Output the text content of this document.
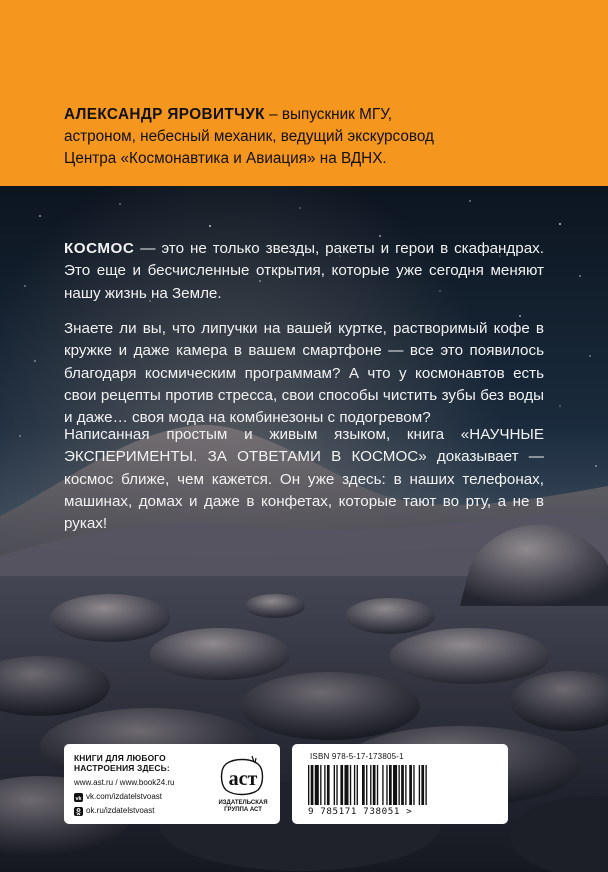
АЛЕКСАНДР ЯРОВИТЧУК – выпускник МГУ,
астроном, небесный механик, ведущий экскурсовод
Центра «Космонавтика и Авиация» на ВДНХ.
КОСМОС — это не только звезды, ракеты и герои в скафандрах. Это еще и бесчисленные открытия, которые уже сегодня меняют нашу жизнь на Земле.
Знаете ли вы, что липучки на вашей куртке, растворимый кофе в кружке и даже камера в вашем смартфоне — все это появилось благодаря космическим программам? А что у космонавтов есть свои рецепты против стресса, свои способы чистить зубы без воды и даже… своя мода на комбинезоны с подогревом?
Написанная простым и живым языком, книга «НАУЧНЫЕ ЭКСПЕРИМЕНТЫ. ЗА ОТВЕТАМИ В КОСМОС» доказывает — космос ближе, чем кажется. Он уже здесь: в наших телефонах, машинах, домах и даже в конфетах, которые тают во рту, а не в руках!
КНИГИ ДЛЯ ЛЮБОГО
НАСТРОЕНИЯ ЗДЕСЬ:
www.ast.ru / www.book24.ru
vk vk.com/izdatelstvoast
ok.ru/izdatelstvoast
аст
ИЗДАТЕЛЬСКАЯ
ГРУППА АСТ
ISBN 978-5-17-173805-1
9 785171 738051 >
